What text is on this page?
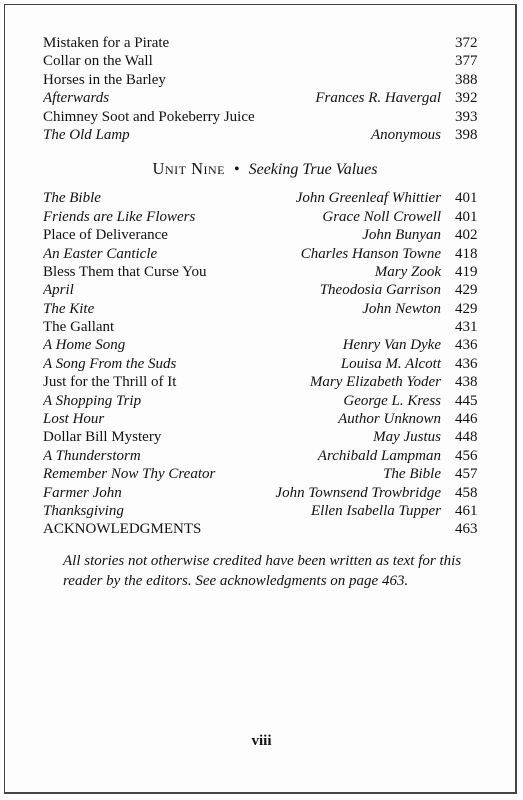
Mistaken for a Pirate	372
Collar on the Wall	377
Horses in the Barley	388
Afterwards	Frances R. Havergal 392
Chimney Soot and Pokeberry Juice	393
The Old Lamp	Anonymous 398
Unit Nine • Seeking True Values
The Bible	John Greenleaf Whittier 401
Friends are Like Flowers	Grace Noll Crowell 401
Place of Deliverance	John Bunyan 402
An Easter Canticle	Charles Hanson Towne 418
Bless Them that Curse You	Mary Zook 419
April	Theodosia Garrison 429
The Kite	John Newton 429
The Gallant	431
A Home Song	Henry Van Dyke 436
A Song From the Suds	Louisa M. Alcott 436
Just for the Thrill of It	Mary Elizabeth Yoder 438
A Shopping Trip	George L. Kress 445
Lost Hour	Author Unknown 446
Dollar Bill Mystery	May Justus 448
A Thunderstorm	Archibald Lampman 456
Remember Now Thy Creator	The Bible 457
Farmer John	John Townsend Trowbridge 458
Thanksgiving	Ellen Isabella Tupper 461
ACKNOWLEDGMENTS	463
All stories not otherwise credited have been written as text for this reader by the editors. See acknowledgments on page 463.
viii
